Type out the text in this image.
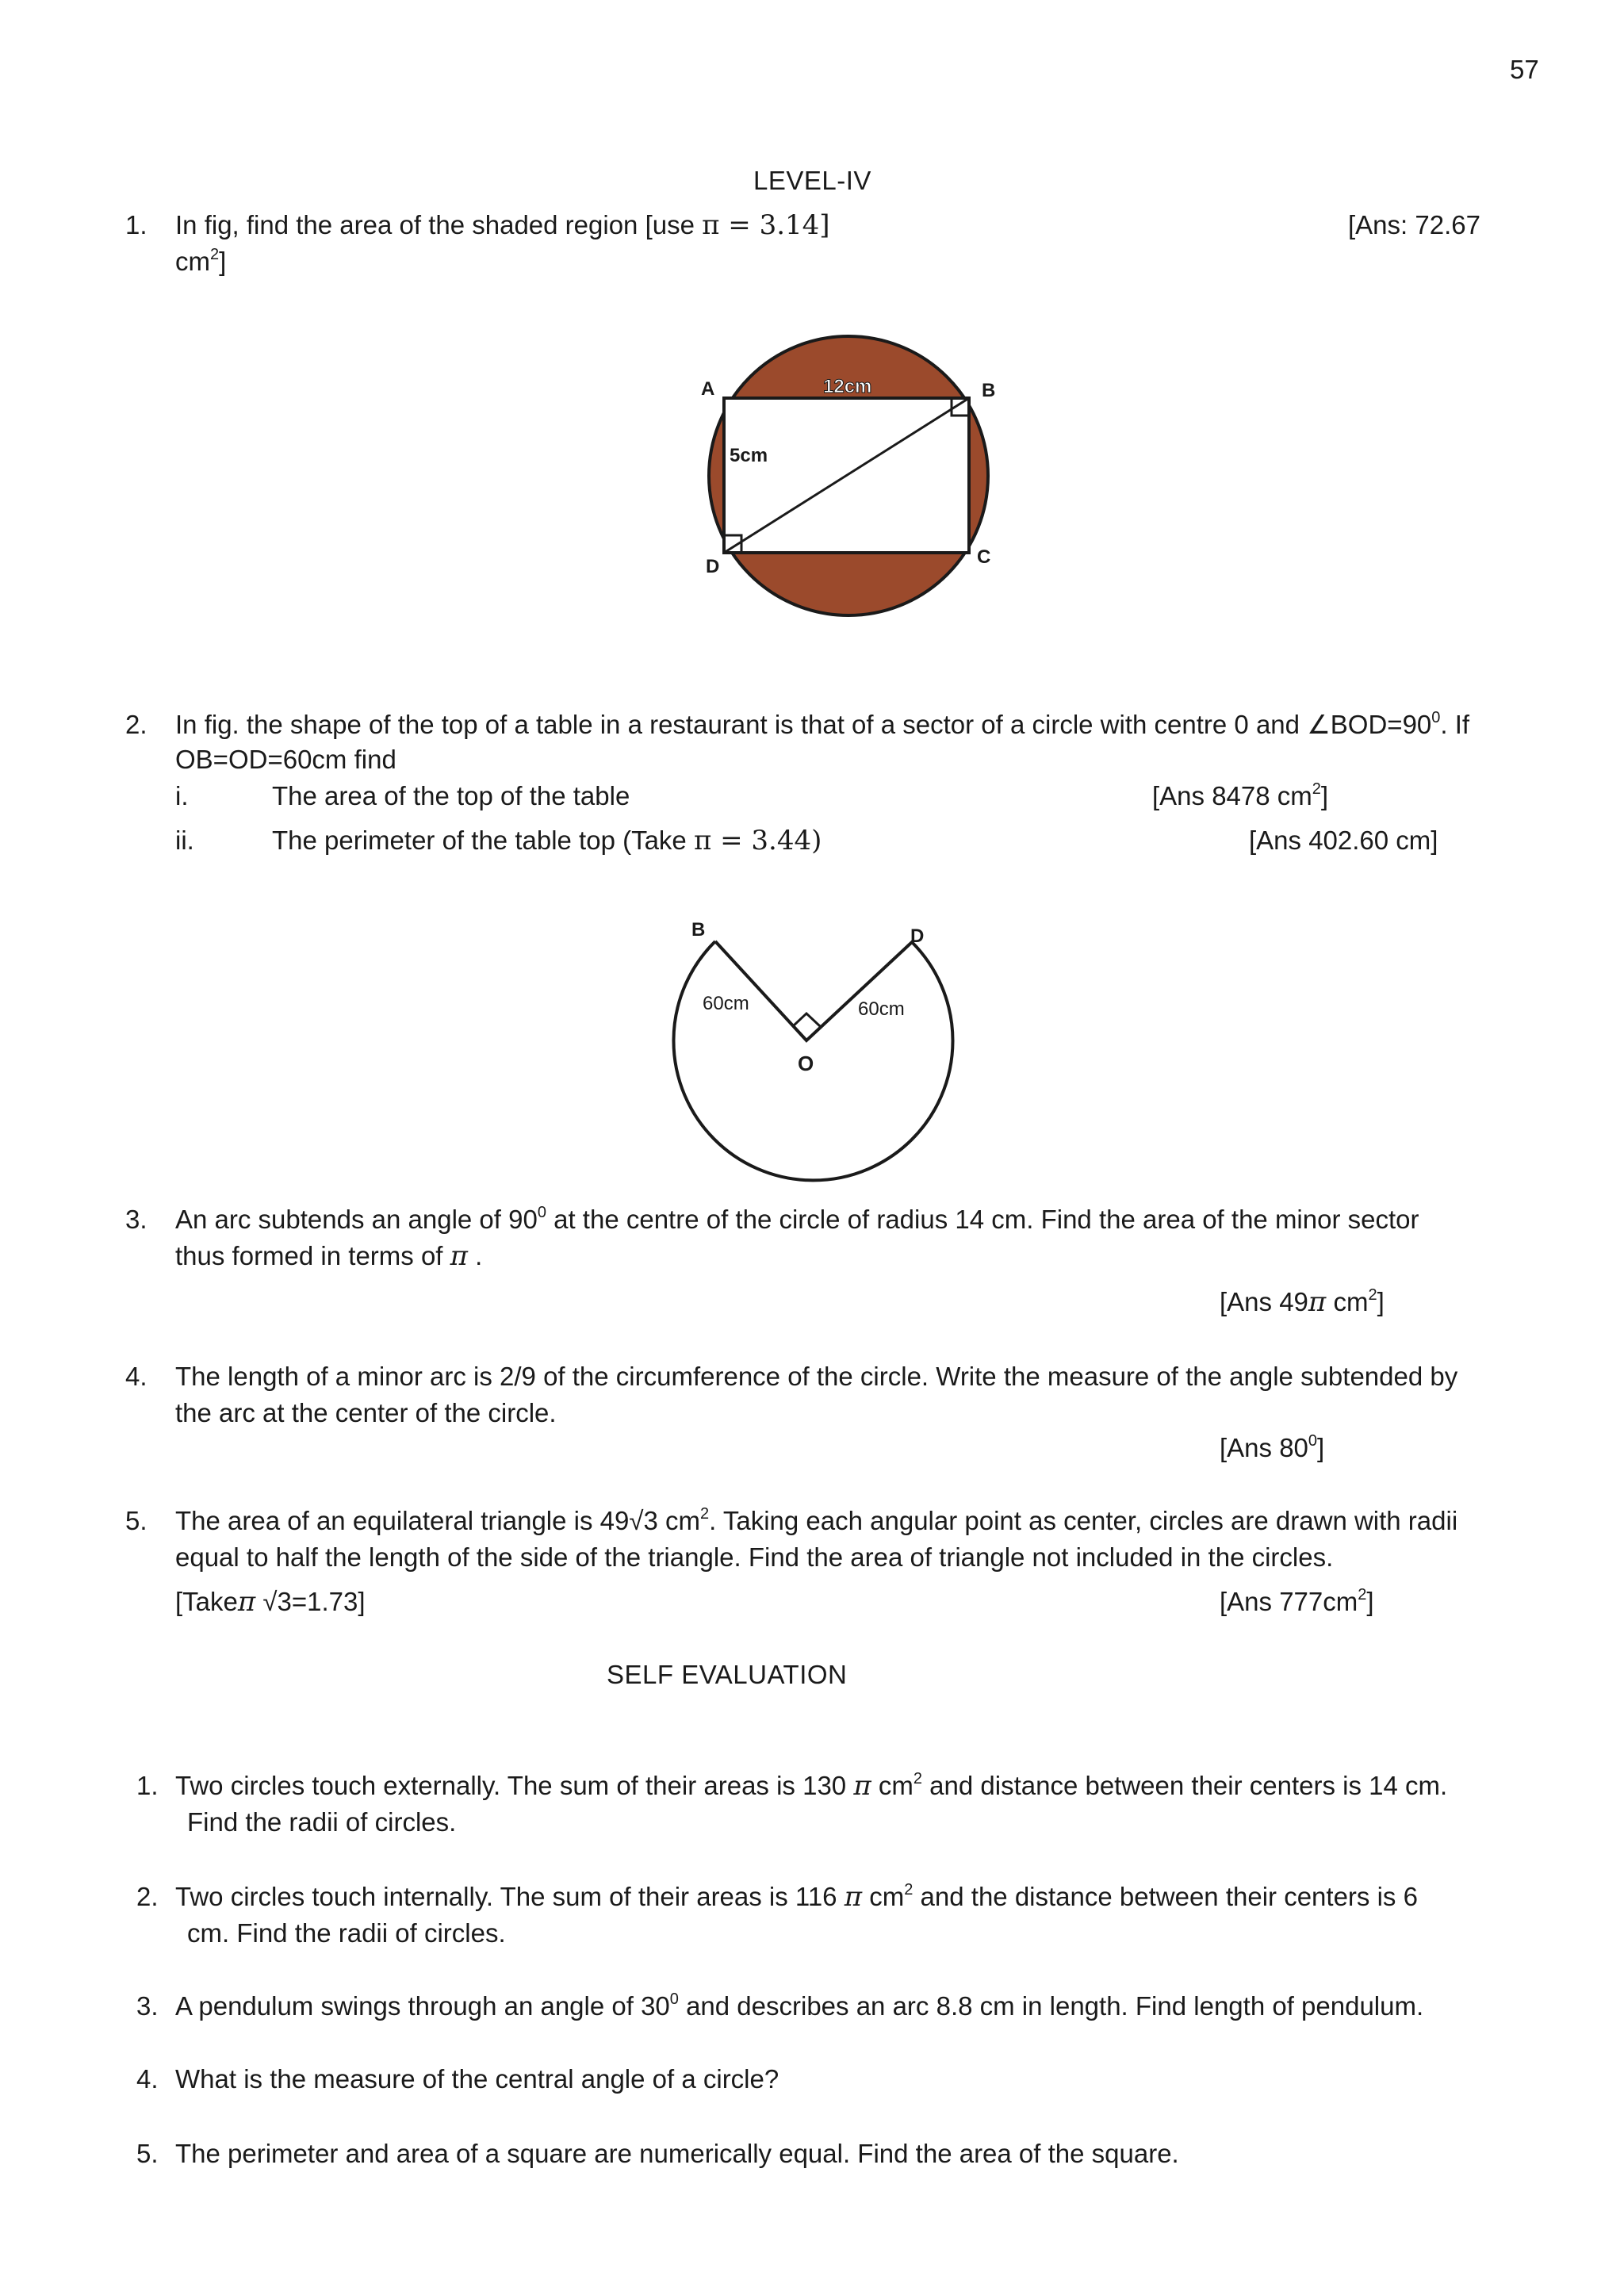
57
LEVEL-IV
1. In fig, find the area of the shaded region [use π = 3.14]	[Ans: 72.67
$cm^2$]
A	B
C
D
12cm
5cm
2. In fig. the shape of the top of a table in a restaurant is that of a sector of a circle with centre 0 and $\angle BOD=90^0$. If
OB=OD=60cm find
i.	The area of the top of the table	[Ans 8478 $cm^2$]
ii.	The perimeter of the table top (Take π = 3.44)	[Ans 402.60 cm]
B	D
O
60cm	60cm
3. An arc subtends an angle of $90^0$ at the centre of the circle of radius 14 cm. Find the area of the minor sector
thus formed in terms of π .
[Ans 49π $cm^2$]
4. The length of a minor arc is 2/9 of the circumference of the circle. Write the measure of the angle subtended by
the arc at the center of the circle.
[Ans $80^0$]
5. The area of an equilateral triangle is 49√3 $cm^2$. Taking each angular point as center, circles are drawn with radii
equal to half the length of the side of the triangle. Find the area of triangle not included in the circles.
[Takeπ √3=1.73]	[Ans $777cm^2$]
SELF EVALUATION
1. Two circles touch externally. The sum of their areas is 130 π $cm^2$ and distance between their centers is 14 cm.
Find the radii of circles.
2. Two circles touch internally. The sum of their areas is 116 π $cm^2$ and the distance between their centers is 6
cm. Find the radii of circles.
3. A pendulum swings through an angle of $30^0$ and describes an arc 8.8 cm in length. Find length of pendulum.
4. What is the measure of the central angle of a circle?
5. The perimeter and area of a square are numerically equal. Find the area of the square.
